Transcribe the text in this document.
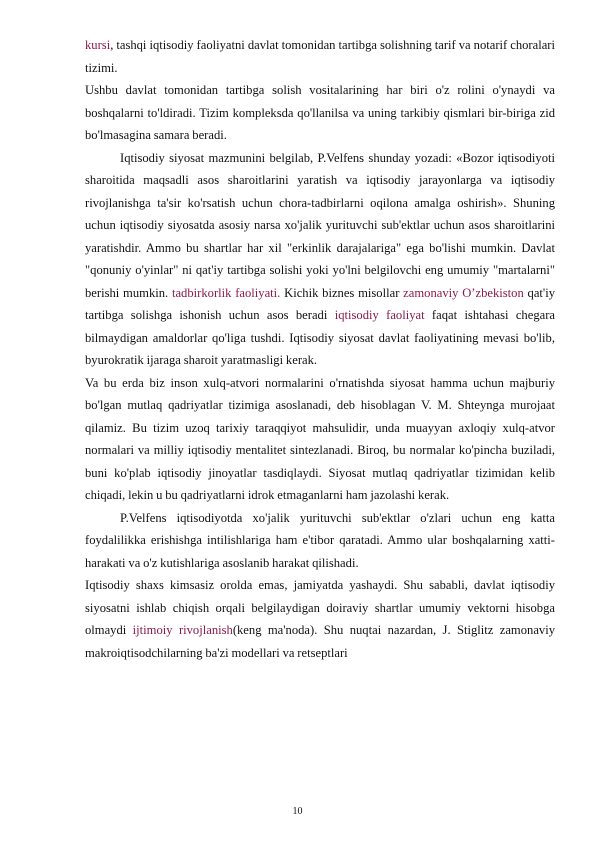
kursi, tashqi iqtisodiy faoliyatni davlat tomonidan tartibga solishning tarif va notarif choralari tizimi.

Ushbu davlat tomonidan tartibga solish vositalarining har biri o'z rolini o'ynaydi va boshqalarni to'ldiradi. Tizim kompleksda qo'llanilsa va uning tarkibiy qismlari bir-biriga zid bo'lmasagina samara beradi.

Iqtisodiy siyosat mazmunini belgilab, P.Velfens shunday yozadi: «Bozor iqtisodiyoti sharoitida maqsadli asos sharoitlarini yaratish va iqtisodiy jarayonlarga va iqtisodiy rivojlanishga ta'sir ko'rsatish uchun chora-tadbirlarni oqilona amalga oshirish». Shuning uchun iqtisodiy siyosatda asosiy narsa xo'jalik yurituvchi sub'ektlar uchun asos sharoitlarini yaratishdir. Ammo bu shartlar har xil "erkinlik darajalariga" ega bo'lishi mumkin. Davlat "qonuniy o'yinlar" ni qat'iy tartibga solishi yoki yo'lni belgilovchi eng umumiy "martalarni" berishi mumkin. tadbirkorlik faoliyati. Kichik biznes misollar zamonaviy O’zbekiston qat'iy tartibga solishga ishonish uchun asos beradi iqtisodiy faoliyat faqat ishtahasi chegara bilmaydigan amaldorlar qo'liga tushdi. Iqtisodiy siyosat davlat faoliyatining mevasi bo'lib, byurokratik ijaraga sharoit yaratmasligi kerak.

Va bu erda biz inson xulq-atvori normalarini o'rnatishda siyosat hamma uchun majburiy bo'lgan mutlaq qadriyatlar tizimiga asoslanadi, deb hisoblagan V. M. Shteynga murojaat qilamiz. Bu tizim uzoq tarixiy taraqqiyot mahsulidir, unda muayyan axloqiy xulq-atvor normalari va milliy iqtisodiy mentalitet sintezlanadi. Biroq, bu normalar ko'pincha buziladi, buni ko'plab iqtisodiy jinoyatlar tasdiqlaydi. Siyosat mutlaq qadriyatlar tizimidan kelib chiqadi, lekin u bu qadriyatlarni idrok etmaganlarni ham jazolashi kerak.

P.Velfens iqtisodiyotda xo'jalik yurituvchi sub'ektlar o'zlari uchun eng katta foydalilikka erishishga intilishlariga ham e'tibor qaratadi. Ammo ular boshqalarning xatti-harakati va o'z kutishlariga asoslanib harakat qilishadi.

Iqtisodiy shaxs kimsasiz orolda emas, jamiyatda yashaydi. Shu sababli, davlat iqtisodiy siyosatni ishlab chiqish orqali belgilaydigan doiraviy shartlar umumiy vektorni hisobga olmaydi ijtimoiy rivojlanish(keng ma'noda). Shu nuqtai nazardan, J. Stiglitz zamonaviy makroiqtisodchilarning ba'zi modellari va retseptlari

10
